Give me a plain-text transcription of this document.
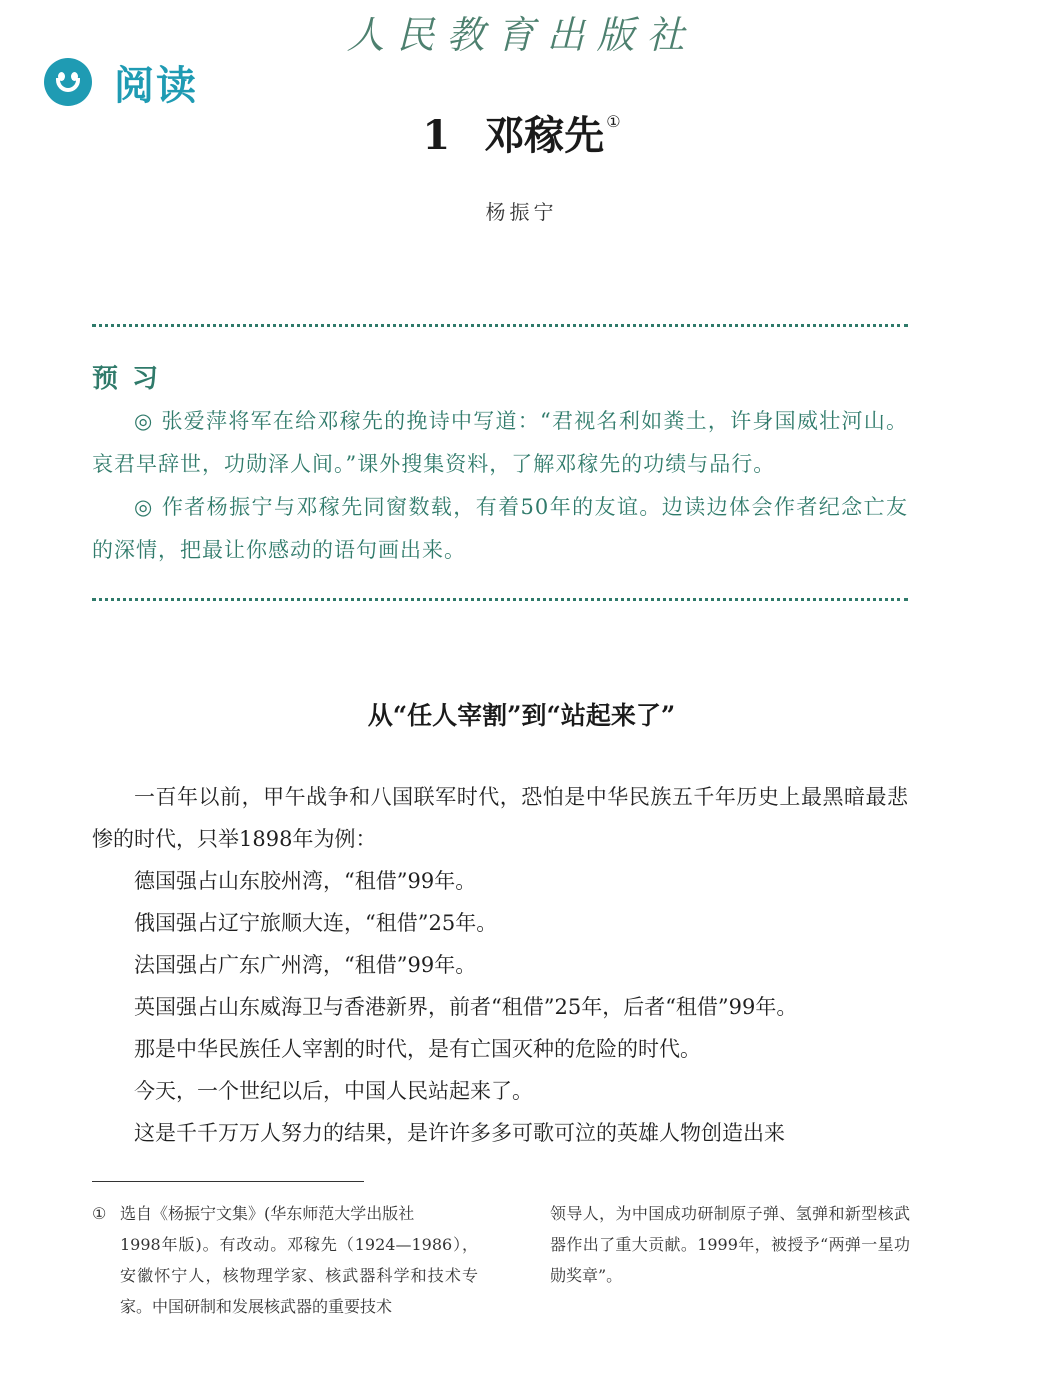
人民教育出版社
阅读
1 邓稼先 ①
杨振宁
预习

◎ 张爱萍将军在给邓稼先的挽诗中写道：“君视名利如粪土，许身国威壮河山。哀君早辞世，功勋泽人间。”课外搜集资料，了解邓稼先的功绩与品行。

◎ 作者杨振宁与邓稼先同窗数载，有着50年的友谊。边读边体会作者纪念亡友的深情，把最让你感动的语句画出来。

从“任人宰割”到“站起来了”

一百年以前，甲午战争和八国联军时代，恐怕是中华民族五千年历史上最黑暗最悲惨的时代，只举1898年为例：

德国强占山东胶州湾，“租借”99年。

俄国强占辽宁旅顺大连，“租借”25年。

法国强占广东广州湾，“租借”99年。

英国强占山东威海卫与香港新界，前者“租借”25年，后者“租借”99年。

那是中华民族任人宰割的时代，是有亡国灭种的危险的时代。

今天，一个世纪以后，中国人民站起来了。

这是千千万万人努力的结果，是许许多多可歌可泣的英雄人物创造出来

① 选自《杨振宁文集》(华东师范大学出版社
1998年版)。有改动。邓稼先（1924—1986），安徽怀宁人，核物理学家、核武器科学和技术专家。中国研制和发展核武器的重要技术
领导人，为中国成功研制原子弹、氢弹和新型核武器作出了重大贡献。1999年，被授予“两弹一星功勋奖章”。
